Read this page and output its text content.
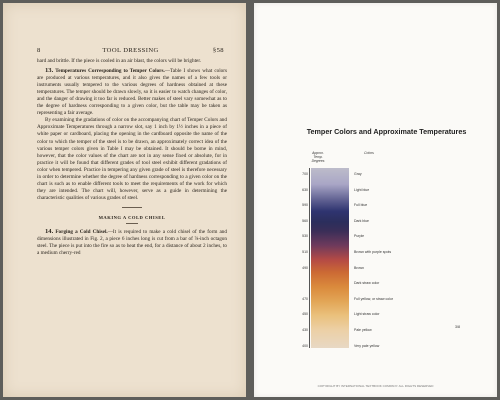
8	TOOL DRESSING	§58

hard and brittle. If the piece is cooled in an air blast, the colors will be brighter.

13. Temperatures Corresponding to Temper Colors.—Table I shows what colors are produced at various temperatures, and it also gives the names of a few tools or instruments usually tempered to the various degrees of hardness obtained at these temperatures. The temper should be drawn slowly, so it is easier to watch changes of color, and the danger of drawing it too far is reduced. Better makes of steel vary somewhat as to the degree of hardness corresponding to a given color, but the table may be taken as representing a fair average.

By examining the gradations of color on the accompanying chart of Temper Colors and Approximate Temperatures through a narrow slot, say 1 inch by 1½ inches in a piece of white paper or cardboard, placing the opening in the cardboard opposite the name of the color to which the temper of the steel is to be drawn, an approximately correct idea of the various temper colors given in Table I may be obtained. It should be borne in mind, however, that the color values of the chart are not in any sense fixed or absolute, for in practice it will be found that different grades of tool steel exhibit different gradations of color when tempered. Practice in tempering any given grade of steel is therefore necessary in order to determine whether the degree of hardness corresponding to a given color on the chart is such as to enable different tools to meet the requirements of the work for which they are intended. The chart will, however, serve as a guide in determining the characteristic qualities of various grades of steel.

MAKING A COLD CHISEL

14. Forging a Cold Chisel.—It is required to make a cold chisel of the form and dimensions illustrated in Fig. 2, a piece 6 inches long is cut from a bar of ⅞-inch octagon steel. The piece is put into the fire so as to heat the end, for a distance of about 2 inches, to a medium cherry-red

Temper Colors and Approximate Temperatures
Approx. Temp. Degrees
Colors
700	Gray
630	Light blue
590	Full blue
560	Dark blue
530	Purple
510	Brown with purple spots
490	Brown
Dark straw color
470	Full yellow, or straw color
450	Light straw color
430	Pale yellow
400	Very pale yellow
3/8
COPYRIGHT BY INTERNATIONAL TEXTBOOK COMPANY. ALL RIGHTS RESERVED
